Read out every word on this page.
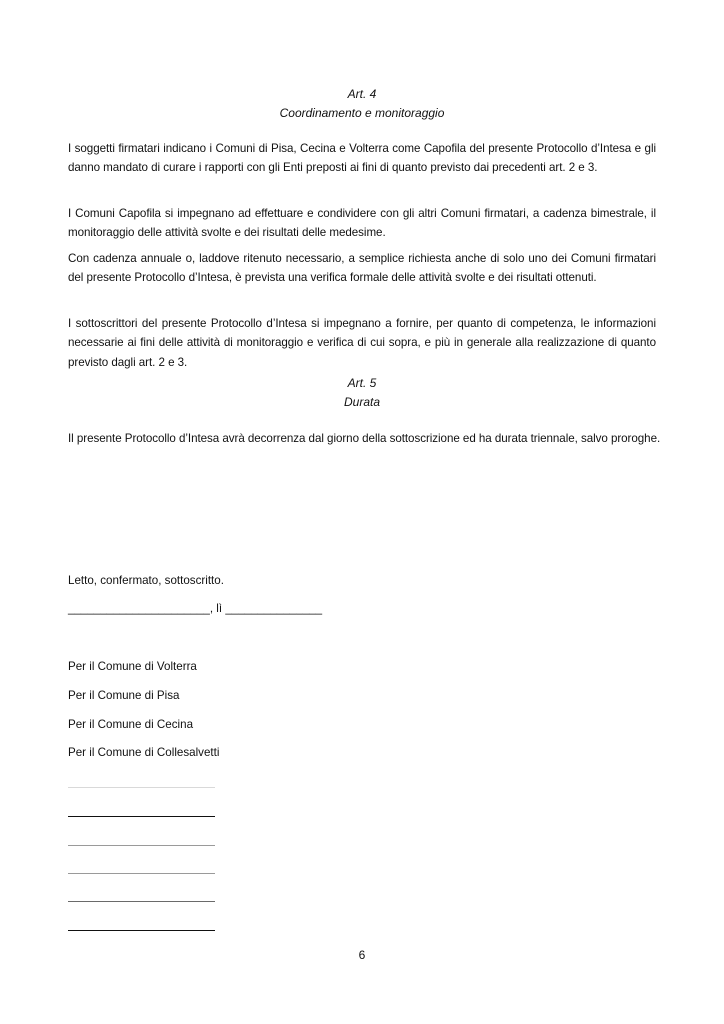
Art. 4
Coordinamento e monitoraggio
I soggetti firmatari indicano i Comuni di Pisa, Cecina e Volterra come Capofila del presente Protocollo d’Intesa e gli danno mandato di curare i rapporti con gli Enti preposti ai fini di quanto previsto dai precedenti art. 2 e 3.
I Comuni Capofila si impegnano ad effettuare e condividere con gli altri Comuni firmatari, a cadenza bimestrale, il monitoraggio delle attività svolte e dei risultati delle medesime.
Con cadenza annuale o, laddove ritenuto necessario, a semplice richiesta anche di solo uno dei Comuni firmatari del presente Protocollo d’Intesa, è prevista una verifica formale delle attività svolte e dei risultati ottenuti.
I sottoscrittori del presente Protocollo d’Intesa si impegnano a fornire, per quanto di competenza, le informazioni necessarie ai fini delle attività di monitoraggio e verifica di cui sopra, e più in generale alla realizzazione di quanto previsto dagli art. 2 e 3.
Art. 5
Durata
Il presente Protocollo d’Intesa avrà decorrenza dal giorno della sottoscrizione ed ha durata triennale, salvo proroghe.
Letto, confermato, sottoscritto.
______________________, lì _______________
Per il Comune di Volterra
Per il Comune di Pisa
Per il Comune di Cecina
Per il Comune di Collesalvetti
6
